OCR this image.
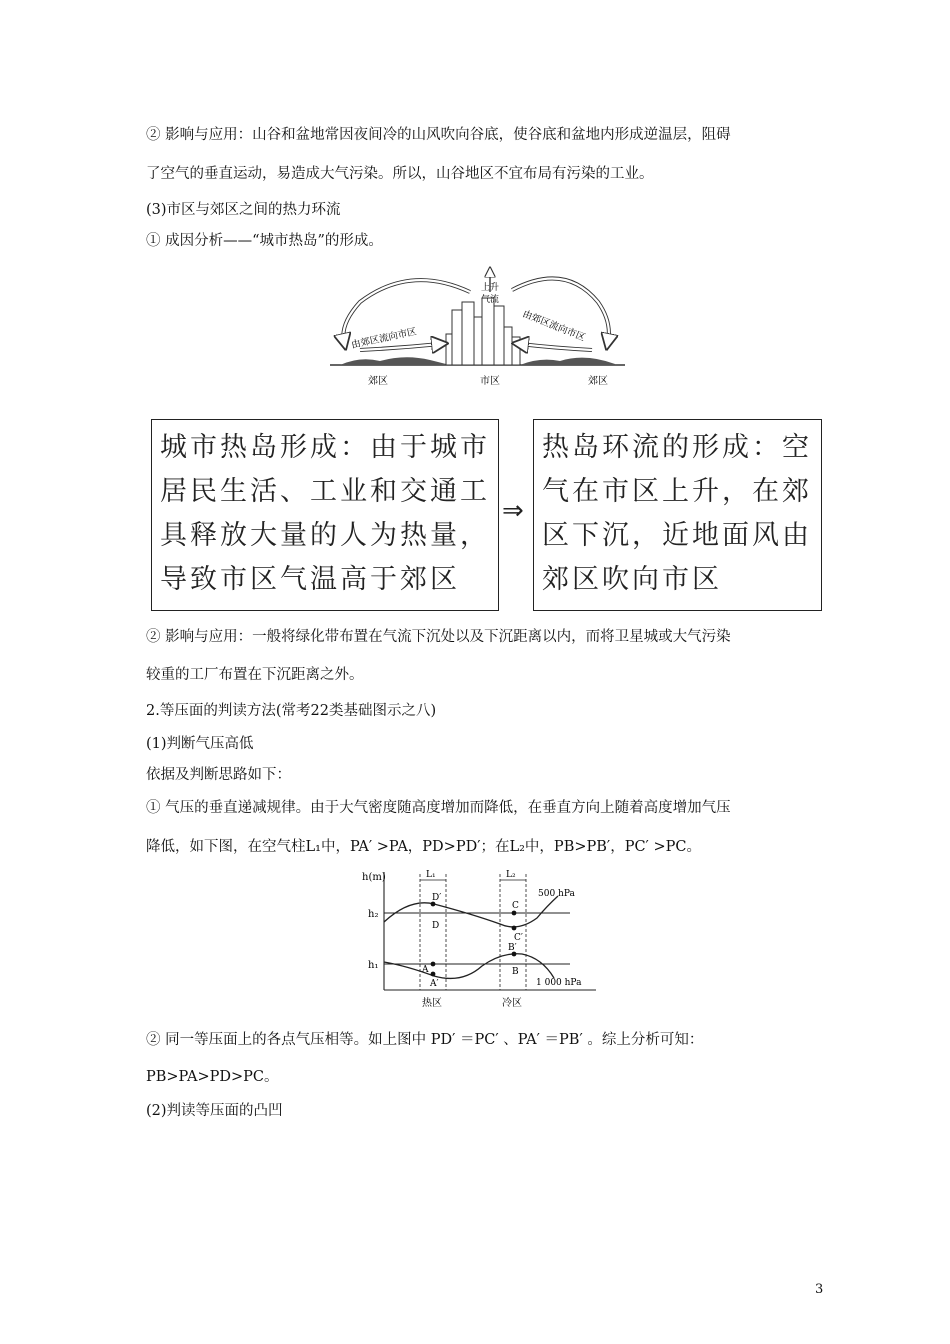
② 影响与应用：山谷和盆地常因夜间冷的山风吹向谷底，使谷底和盆地内形成逆温层，阻碍
了空气的垂直运动，易造成大气污染。所以，山谷地区不宜布局有污染的工业。
(3)市区与郊区之间的热力环流
① 成因分析——“城市热岛”的形成。
上升
气流
由郊区流向市区	由郊区流向市区
郊区	市区	郊区
城市热岛形成：由于城市
居民生活、工业和交通工
具释放大量的人为热量，
导致市区气温高于郊区
⇒
热岛环流的形成：空
气在市区上升，在郊
区下沉，近地面风由
郊区吹向市区
② 影响与应用：一般将绿化带布置在气流下沉处以及下沉距离以内，而将卫星城或大气污染
较重的工厂布置在下沉距离之外。
2.等压面的判读方法(常考22类基础图示之八)
(1)判断气压高低
依据及判断思路如下：
① 气压的垂直递减规律。由于大气密度随高度增加而降低，在垂直方向上随着高度增加气压
降低，如下图，在空气柱L₁中，PA′ >PA，PD>PD′；在L₂中，PB>PB′，PC′ >PC。
h(m)
h₂
h₁
L₁	L₂
500 hPa
1 000 hPa
D′
D
C
C′
B′
B
A
A′
热区	冷区
② 同一等压面上的各点气压相等。如上图中 PD′ ＝PC′ 、PA′ ＝PB′ 。综上分析可知：
PB>PA>PD>PC。
(2)判读等压面的凸凹
3
